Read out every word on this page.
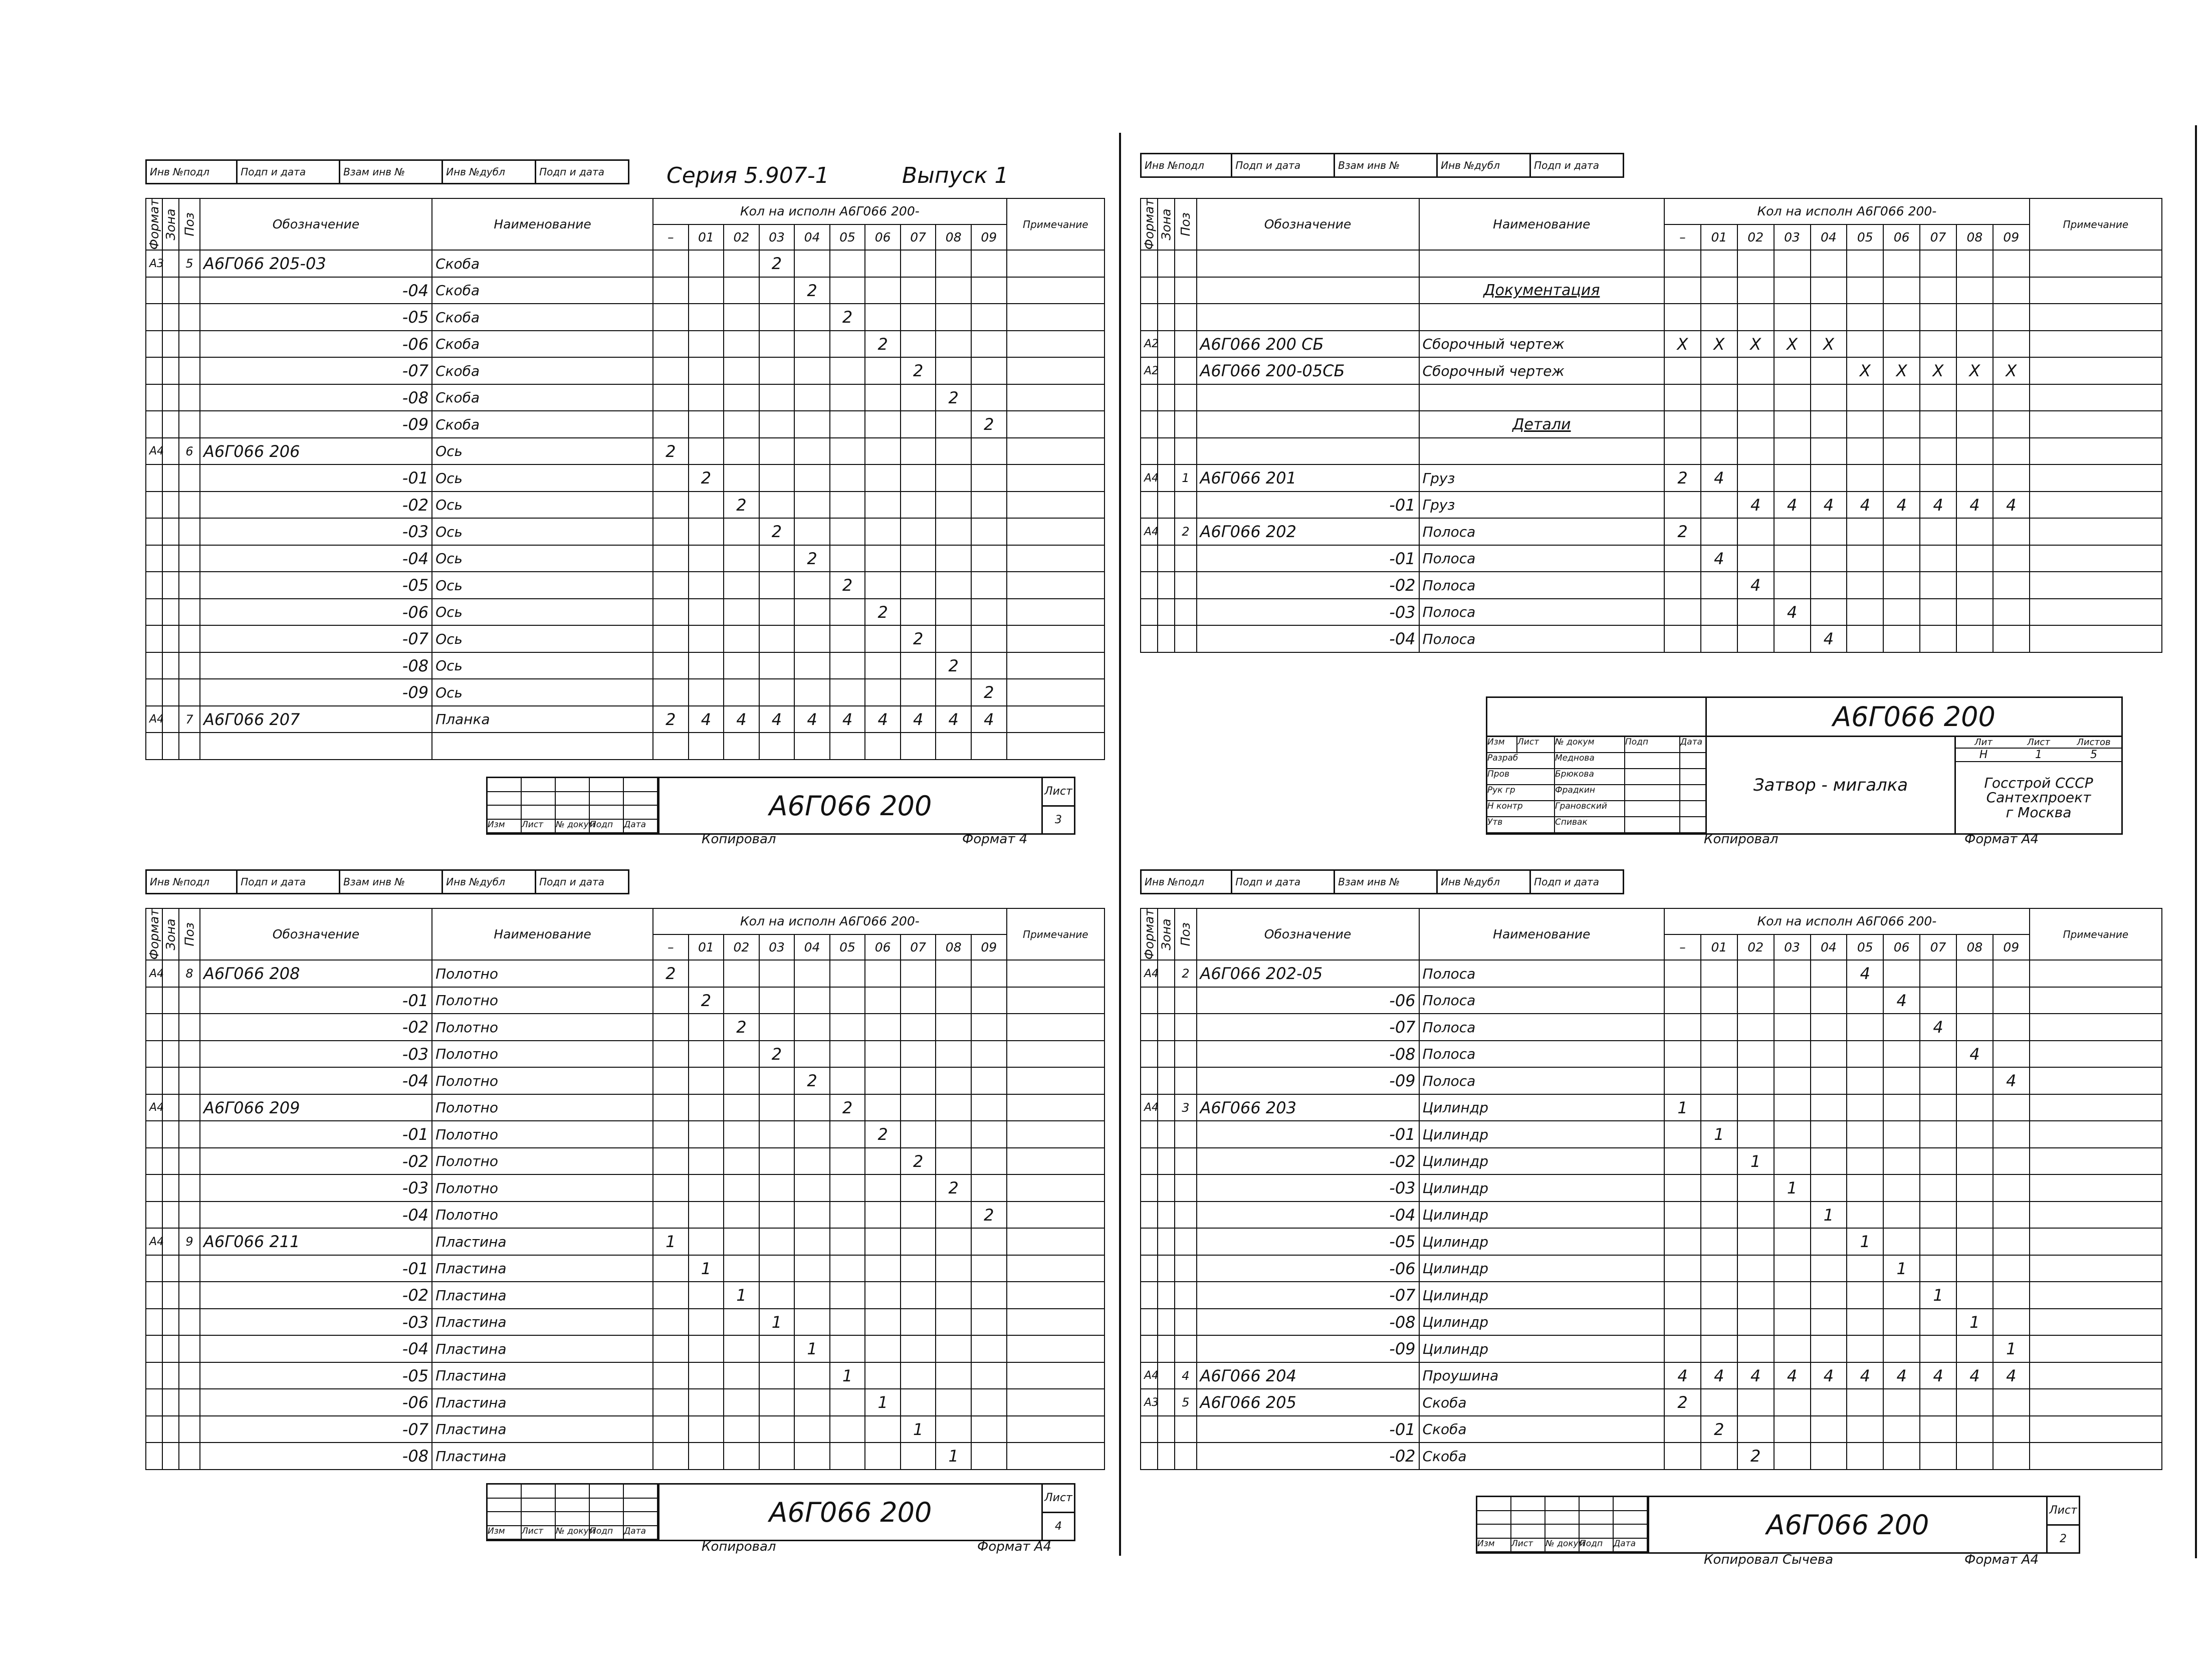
Инв №подл	Подп и дата	Взам инв №	Инв №дубл	Подп и дата	Серия 5.907-1	Выпуск 1
Формат	Зона	Поз	Обозначение	Наименование	Кол на исполн А6Г066 200-										Примечание
					–	01	02	03	04	05	06	07	08	09	
А3		5	А6Г066 205-03	Скоба				2							
			-04	Скоба					2						
			-05	Скоба						2					
			-06	Скоба							2				
			-07	Скоба								2			
			-08	Скоба									2		
			-09	Скоба										2	
А4		6	А6Г066 206	Ось	2										
			-01	Ось		2									
			-02	Ось			2								
			-03	Ось				2							
			-04	Ось					2						
			-05	Ось						2					
			-06	Ось							2				
			-07	Ось								2			
			-08	Ось									2		
			-09	Ось										2	
А4		7	А6Г066 207	Планка	2	4	4	4	4	4	4	4	4	4	

Изм	Лист	№ докум
Подп	Дата
А6Г066 200	Лист
3
Копировал	Формат 4
Инв №подл	Подп и дата	Взам инв №	Инв №дубл	Подп и дата
Формат	Зона	Поз	Обозначение	Наименование	Кол на исполн А6Г066 200-										Примечание
					–	01	02	03	04	05	06	07	08	09	

				Документация											

А2			А6Г066 200 СБ	Сборочный чертеж	X	X	X	X	X						
А2			А6Г066 200-05СБ	Сборочный чертеж						X	X	X	X	X	

				Детали											

А4		1	А6Г066 201	Груз	2	4									
			-01	Груз			4	4	4	4	4	4	4	4	
А4		2	А6Г066 202	Полоса	2										
			-01	Полоса		4									
			-02	Полоса			4								
			-03	Полоса				4							
			-04	Полоса					4						
А6Г066 200
Изм	Лист	№ докум	Подп	Дата
Разраб	Меднова
Пров	Брюкова
Рук гр	Фрадкин
Н контр	Грановский
Утв	Спивак
Затвор - мигалка
Лит	Лист	Листов
Н	1	5
Госстрой СССР
Сантехпроект
г Москва
Копировал	Формат А4
Инв №подл	Подп и дата	Взам инв №	Инв №дубл	Подп и дата
Формат	Зона	Поз	Обозначение	Наименование	Кол на исполн А6Г066 200-										Примечание
					–	01	02	03	04	05	06	07	08	09	
А4		8	А6Г066 208	Полотно	2										
			-01	Полотно		2									
			-02	Полотно			2								
			-03	Полотно				2							
			-04	Полотно					2						
А4			А6Г066 209	Полотно						2					
			-01	Полотно							2				
			-02	Полотно								2			
			-03	Полотно									2		
			-04	Полотно										2	
А4		9	А6Г066 211	Пластина	1										
			-01	Пластина		1									
			-02	Пластина			1								
			-03	Пластина				1							
			-04	Пластина					1						
			-05	Пластина						1					
			-06	Пластина							1				
			-07	Пластина								1			
			-08	Пластина									1		
Изм	Лист	№ докум
Подп	Дата
А6Г066 200	Лист
4
Копировал	Формат А4
Инв №подл	Подп и дата	Взам инв №	Инв №дубл	Подп и дата
Формат	Зона	Поз	Обозначение	Наименование	Кол на исполн А6Г066 200-										Примечание
					–	01	02	03	04	05	06	07	08	09	
А4		2	А6Г066 202-05	Полоса						4					
			-06	Полоса							4				
			-07	Полоса								4			
			-08	Полоса									4		
			-09	Полоса										4	
А4		3	А6Г066 203	Цилиндр	1										
			-01	Цилиндр		1									
			-02	Цилиндр			1								
			-03	Цилиндр				1							
			-04	Цилиндр					1						
			-05	Цилиндр						1					
			-06	Цилиндр							1				
			-07	Цилиндр								1			
			-08	Цилиндр									1		
			-09	Цилиндр										1	
А4		4	А6Г066 204	Проушина	4	4	4	4	4	4	4	4	4	4	
А3		5	А6Г066 205	Скоба	2										
			-01	Скоба		2									
			-02	Скоба			2								
Изм	Лист	№ докум
Подп	Дата
А6Г066 200	Лист
2
Копировал Сычева	Формат А4
